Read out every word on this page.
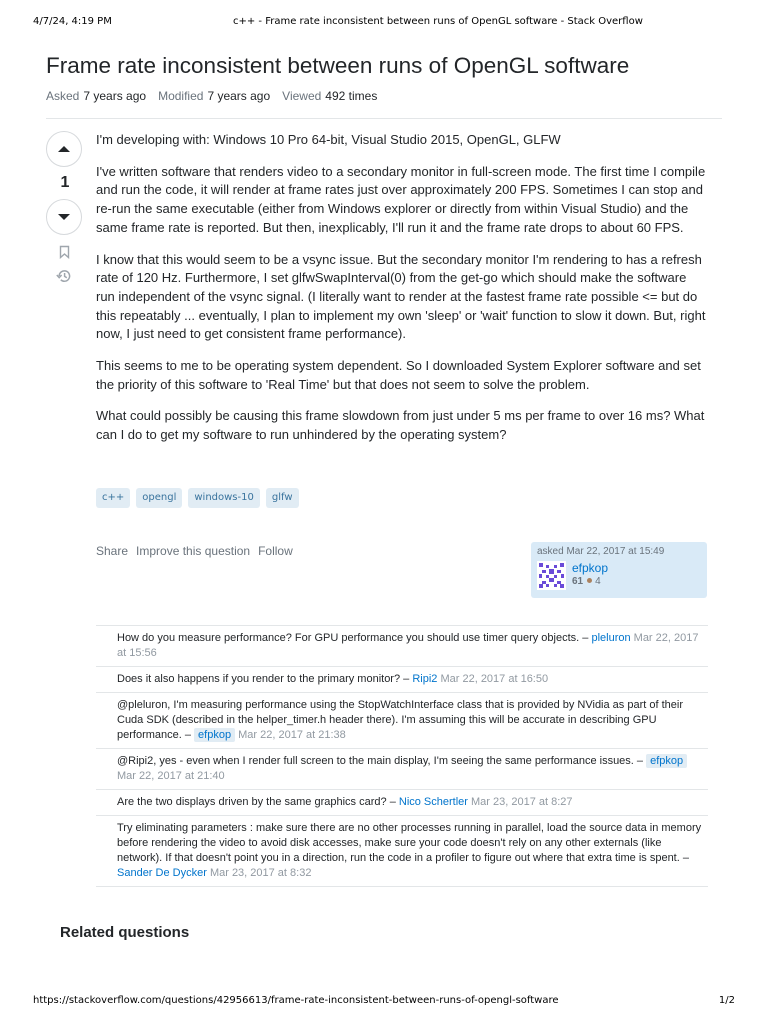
4/7/24, 4:19 PM	c++ - Frame rate inconsistent between runs of OpenGL software - Stack Overflow
Frame rate inconsistent between runs of OpenGL software
Asked 7 years ago Modified 7 years ago Viewed 492 times
1

I'm developing with: Windows 10 Pro 64-bit, Visual Studio 2015, OpenGL, GLFW

I've written software that renders video to a secondary monitor in full-screen mode. The first time I compile and run the code, it will render at frame rates just over approximately 200 FPS. Sometimes I can stop and re-run the same executable (either from Windows explorer or directly from within Visual Studio) and the same frame rate is reported. But then, inexplicably, I'll run it and the frame rate drops to about 60 FPS.

I know that this would seem to be a vsync issue. But the secondary monitor I'm rendering to has a refresh rate of 120 Hz. Furthermore, I set glfwSwapInterval(0) from the get-go which should make the software run independent of the vsync signal. (I literally want to render at the fastest frame rate possible <= but do this repeatably ... eventually, I plan to implement my own 'sleep' or 'wait' function to slow it down. But, right now, I just need to get consistent frame performance).

This seems to me to be operating system dependent. So I downloaded System Explorer software and set the priority of this software to 'Real Time' but that does not seem to solve the problem.

What could possibly be causing this frame slowdown from just under 5 ms per frame to over 16 ms? What can I do to get my software to run unhindered by the operating system?

c++	opengl	windows-10	glfw
Share Improve this question Follow	asked Mar 22, 2017 at 15:49
efpkop
61 4
How do you measure performance? For GPU performance you should use timer query objects. – pleluron Mar 22, 2017 at 15:56
Does it also happens if you render to the primary monitor? – Ripi2 Mar 22, 2017 at 16:50
@pleluron, I'm measuring performance using the StopWatchInterface class that is provided by NVidia as part of their Cuda SDK (described in the helper_timer.h header there). I'm assuming this will be accurate in describing GPU performance. – efpkop Mar 22, 2017 at 21:38
@Ripi2, yes - even when I render full screen to the main display, I'm seeing the same performance issues. – efpkop Mar 22, 2017 at 21:40
Are the two displays driven by the same graphics card? – Nico Schertler Mar 23, 2017 at 8:27
Try eliminating parameters : make sure there are no other processes running in parallel, load the source data in memory before rendering the video to avoid disk accesses, make sure your code doesn't rely on any other externals (like network). If that doesn't point you in a direction, run the code in a profiler to figure out where that extra time is spent. – Sander De Dycker Mar 23, 2017 at 8:32
Related questions
https://stackoverflow.com/questions/42956613/frame-rate-inconsistent-between-runs-of-opengl-software	1/2
